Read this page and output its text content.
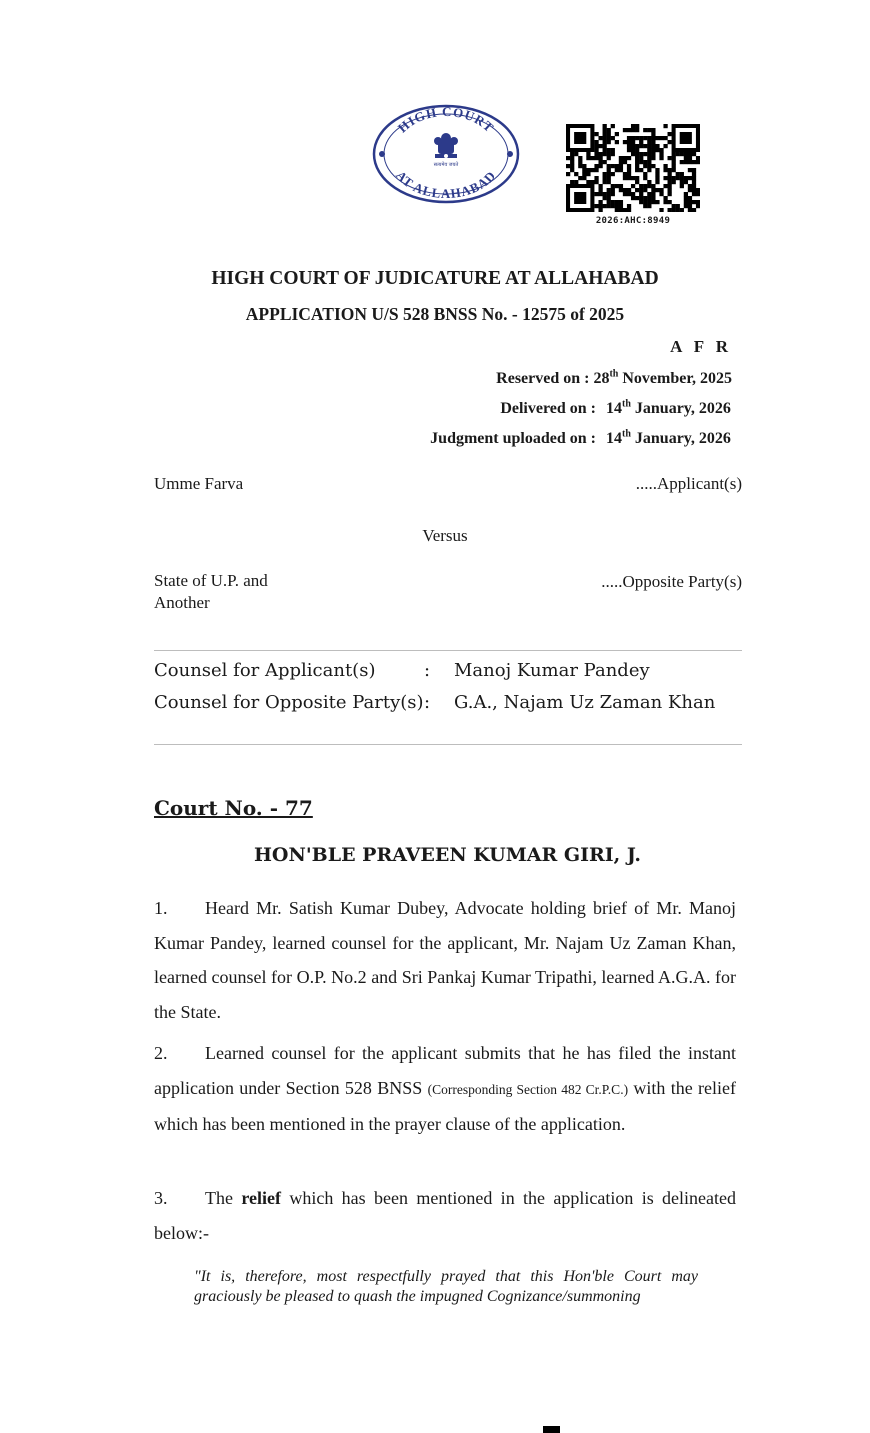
HIGH COURT
AT ALLAHABAD
सत्यमेव जयते
2026:AHC:8949
HIGH COURT OF JUDICATURE AT ALLAHABAD
APPLICATION U/S 528 BNSS No. - 12575 of 2025
A F R
Reserved on : 28th November, 2025
Delivered on : 14th January, 2026
Judgment uploaded on : 14th January, 2026
Umme Farva	.....Applicant(s)
Versus
State of U.P. and Another
.....Opposite Party(s)
Counsel for Applicant(s)	:	Manoj Kumar Pandey
Counsel for Opposite Party(s) :	G.A., Najam Uz Zaman Khan
Court No. - 77
HON'BLE PRAVEEN KUMAR GIRI, J.
1. Heard Mr. Satish Kumar Dubey, Advocate holding brief of Mr. Manoj Kumar Pandey, learned counsel for the applicant, Mr. Najam Uz Zaman Khan, learned counsel for O.P. No.2 and Sri Pankaj Kumar Tripathi, learned A.G.A. for the State.
2. Learned counsel for the applicant submits that he has filed the instant application under Section 528 BNSS (Corresponding Section 482 Cr.P.C.) with the relief which has been mentioned in the prayer clause of the application.
3. The relief which has been mentioned in the application is delineated below:-
"It is, therefore, most respectfully prayed that this Hon'ble Court may graciously be pleased to quash the impugned Cognizance/summoning
